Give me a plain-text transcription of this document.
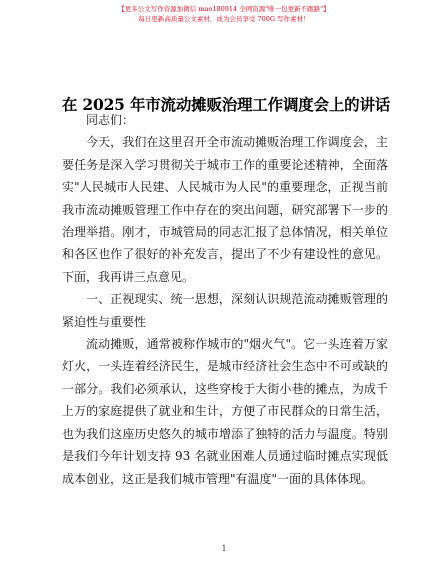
【更多公文写作资源加微信 mao180914 全网资源"唯一包更新不跑路"】
每日更新高质量公文素材，成为会员享受 700G 写作素材！
在 2025 年市流动摊贩治理工作调度会上的讲话

同志们：

今天，我们在这里召开全市流动摊贩治理工作调度会，主要任务是深入学习贯彻关于城市工作的重要论述精神，全面落实"人民城市人民建、人民城市为人民"的重要理念，正视当前我市流动摊贩管理工作中存在的突出问题，研究部署下一步的治理举措。刚才，市城管局的同志汇报了总体情况，相关单位和各区也作了很好的补充发言，提出了不少有建设性的意见。下面，我再讲三点意见。

一、正视现实、统一思想，深刻认识规范流动摊贩管理的紧迫性与重要性

流动摊贩，通常被称作城市的"烟火气"。它一头连着万家灯火，一头连着经济民生，是城市经济社会生态中不可或缺的一部分。我们必须承认，这些穿梭于大街小巷的摊点，为成千上万的家庭提供了就业和生计，方便了市民群众的日常生活，也为我们这座历史悠久的城市增添了独特的活力与温度。特别是我们今年计划支持 93 名就业困难人员通过临时摊点实现低成本创业，这正是我们城市管理"有温度"一面的具体体现。

1
